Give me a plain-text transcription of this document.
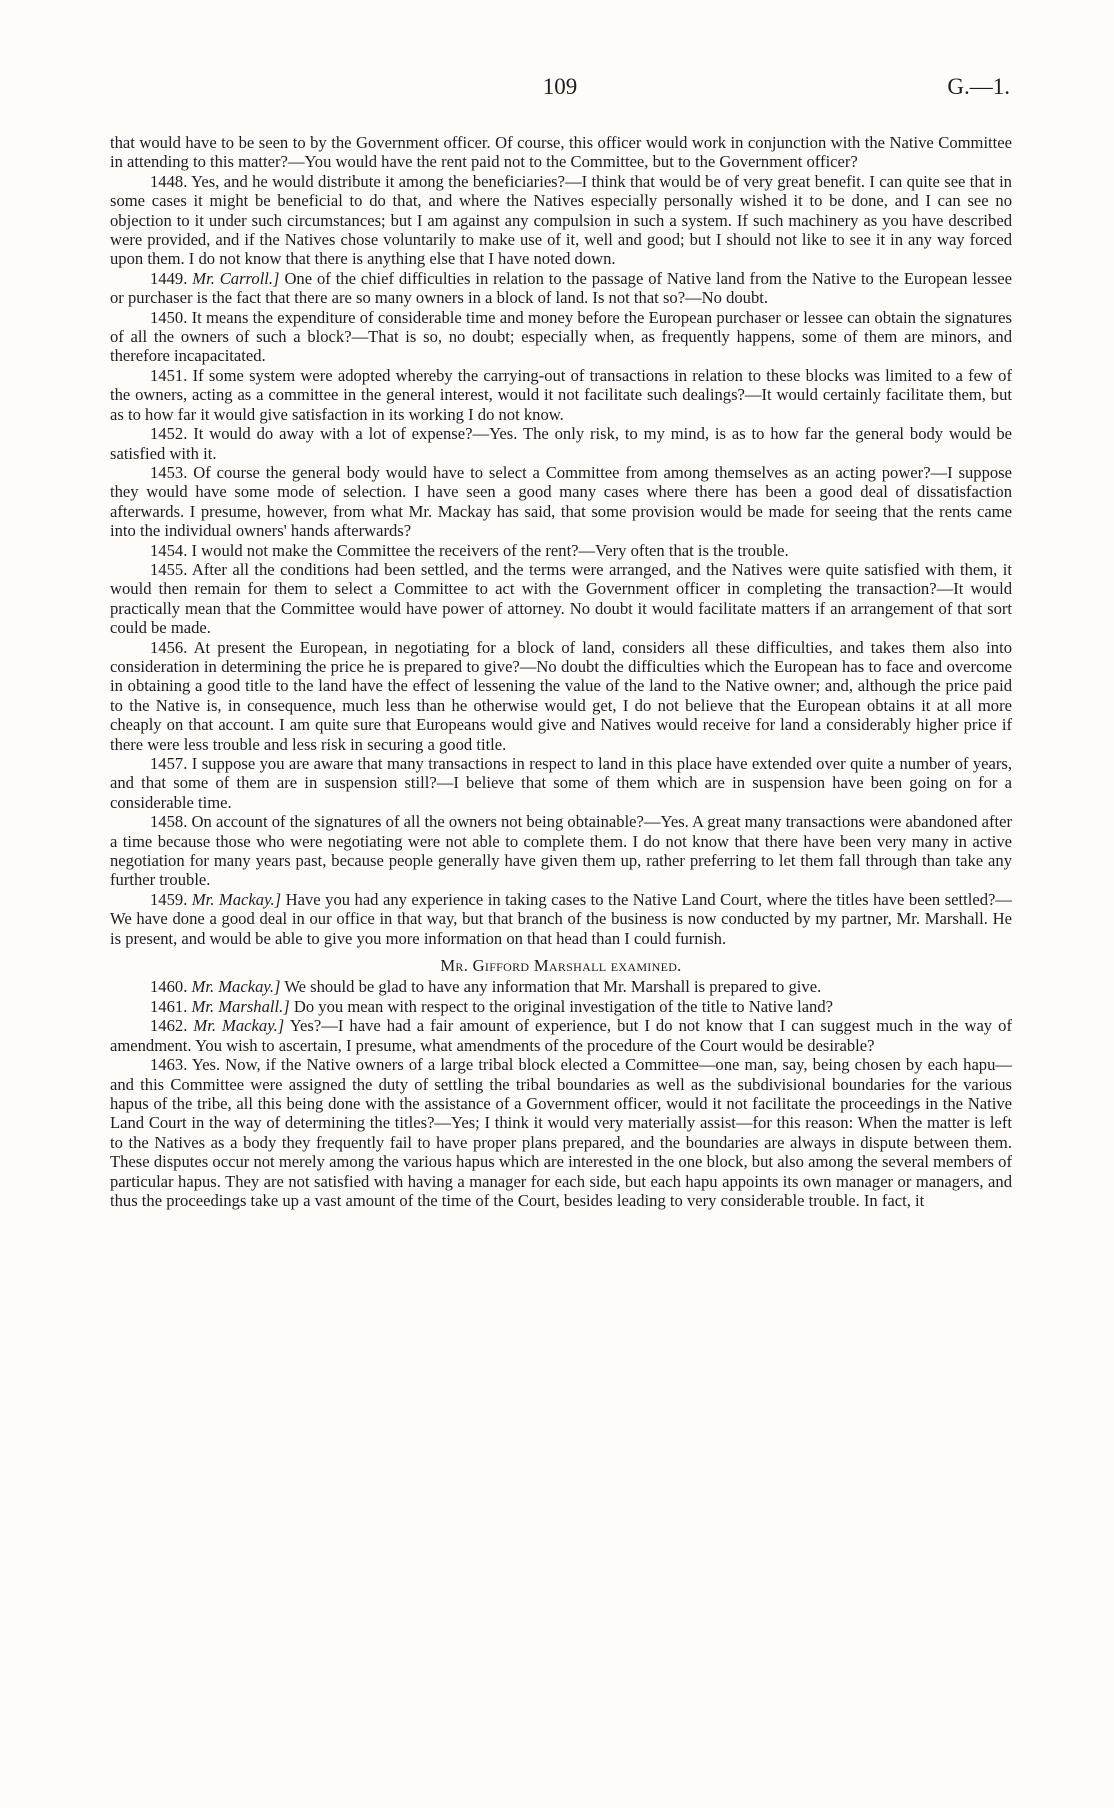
109	G.—1.

that would have to be seen to by the Government officer. Of course, this officer would work in conjunction with the Native Committee in attending to this matter?—You would have the rent paid not to the Committee, but to the Government officer?

1448. Yes, and he would distribute it among the beneficiaries?—I think that would be of very great benefit. I can quite see that in some cases it might be beneficial to do that, and where the Natives especially personally wished it to be done, and I can see no objection to it under such circumstances; but I am against any compulsion in such a system. If such machinery as you have described were provided, and if the Natives chose voluntarily to make use of it, well and good; but I should not like to see it in any way forced upon them. I do not know that there is anything else that I have noted down.

1449. Mr. Carroll.] One of the chief difficulties in relation to the passage of Native land from the Native to the European lessee or purchaser is the fact that there are so many owners in a block of land. Is not that so?—No doubt.

1450. It means the expenditure of considerable time and money before the European purchaser or lessee can obtain the signatures of all the owners of such a block?—That is so, no doubt; especially when, as frequently happens, some of them are minors, and therefore incapacitated.

1451. If some system were adopted whereby the carrying-out of transactions in relation to these blocks was limited to a few of the owners, acting as a committee in the general interest, would it not facilitate such dealings?—It would certainly facilitate them, but as to how far it would give satisfaction in its working I do not know.

1452. It would do away with a lot of expense?—Yes. The only risk, to my mind, is as to how far the general body would be satisfied with it.

1453. Of course the general body would have to select a Committee from among themselves as an acting power?—I suppose they would have some mode of selection. I have seen a good many cases where there has been a good deal of dissatisfaction afterwards. I presume, however, from what Mr. Mackay has said, that some provision would be made for seeing that the rents came into the individual owners' hands afterwards?

1454. I would not make the Committee the receivers of the rent?—Very often that is the trouble.

1455. After all the conditions had been settled, and the terms were arranged, and the Natives were quite satisfied with them, it would then remain for them to select a Committee to act with the Government officer in completing the transaction?—It would practically mean that the Committee would have power of attorney. No doubt it would facilitate matters if an arrangement of that sort could be made.

1456. At present the European, in negotiating for a block of land, considers all these difficulties, and takes them also into consideration in determining the price he is prepared to give?—No doubt the difficulties which the European has to face and overcome in obtaining a good title to the land have the effect of lessening the value of the land to the Native owner; and, although the price paid to the Native is, in consequence, much less than he otherwise would get, I do not believe that the European obtains it at all more cheaply on that account. I am quite sure that Europeans would give and Natives would receive for land a considerably higher price if there were less trouble and less risk in securing a good title.

1457. I suppose you are aware that many transactions in respect to land in this place have extended over quite a number of years, and that some of them are in suspension still?—I believe that some of them which are in suspension have been going on for a considerable time.

1458. On account of the signatures of all the owners not being obtainable?—Yes. A great many transactions were abandoned after a time because those who were negotiating were not able to complete them. I do not know that there have been very many in active negotiation for many years past, because people generally have given them up, rather preferring to let them fall through than take any further trouble.

1459. Mr. Mackay.] Have you had any experience in taking cases to the Native Land Court, where the titles have been settled?—We have done a good deal in our office in that way, but that branch of the business is now conducted by my partner, Mr. Marshall. He is present, and would be able to give you more information on that head than I could furnish.

Mr. Gifford Marshall examined.

1460. Mr. Mackay.] We should be glad to have any information that Mr. Marshall is prepared to give.

1461. Mr. Marshall.] Do you mean with respect to the original investigation of the title to Native land?

1462. Mr. Mackay.] Yes?—I have had a fair amount of experience, but I do not know that I can suggest much in the way of amendment. You wish to ascertain, I presume, what amendments of the procedure of the Court would be desirable?

1463. Yes. Now, if the Native owners of a large tribal block elected a Committee—one man, say, being chosen by each hapu—and this Committee were assigned the duty of settling the tribal boundaries as well as the subdivisional boundaries for the various hapus of the tribe, all this being done with the assistance of a Government officer, would it not facilitate the proceedings in the Native Land Court in the way of determining the titles?—Yes; I think it would very materially assist—for this reason: When the matter is left to the Natives as a body they frequently fail to have proper plans prepared, and the boundaries are always in dispute between them. These disputes occur not merely among the various hapus which are interested in the one block, but also among the several members of particular hapus. They are not satisfied with having a manager for each side, but each hapu appoints its own manager or managers, and thus the proceedings take up a vast amount of the time of the Court, besides leading to very considerable trouble. In fact, it
